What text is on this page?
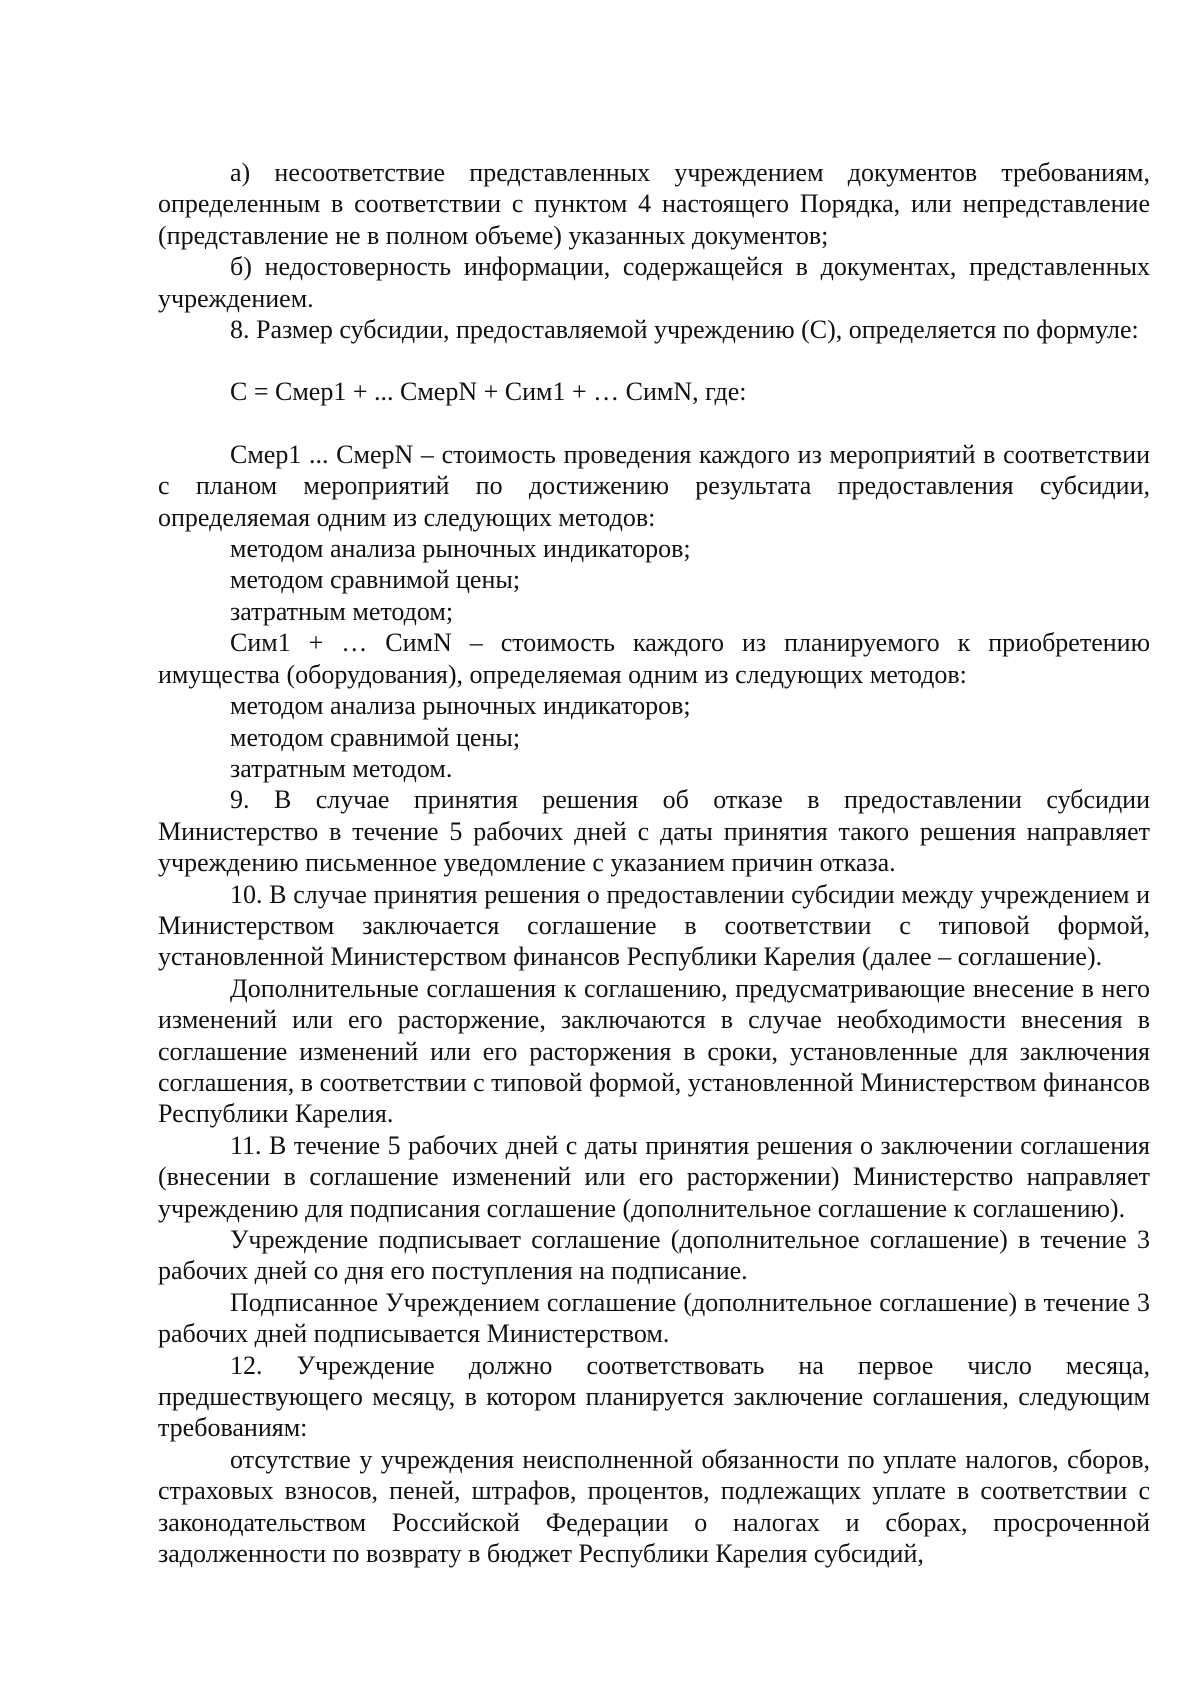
а) несоответствие представленных учреждением документов требованиям, определенным в соответствии с пунктом 4 настоящего Порядка, или непредставление (представление не в полном объеме) указанных документов;

б) недостоверность информации, содержащейся в документах, представленных учреждением.

8. Размер субсидии, предоставляемой учреждению (С), определяется по формуле:

С = Смер1 + ... СмерN + Сим1 + … СимN, где:

Смер1 ... СмерN – стоимость проведения каждого из мероприятий в соответствии с планом мероприятий по достижению результата предоставления субсидии, определяемая одним из следующих методов:

методом анализа рыночных индикаторов;

методом сравнимой цены;

затратным методом;

Сим1 + … СимN – стоимость каждого из планируемого к приобретению имущества (оборудования), определяемая одним из следующих методов:

методом анализа рыночных индикаторов;

методом сравнимой цены;

затратным методом.

9. В случае принятия решения об отказе в предоставлении субсидии Министерство в течение 5 рабочих дней с даты принятия такого решения направляет учреждению письменное уведомление с указанием причин отказа.

10. В случае принятия решения о предоставлении субсидии между учреждением и Министерством заключается соглашение в соответствии с типовой формой, установленной Министерством финансов Республики Карелия (далее – соглашение).

Дополнительные соглашения к соглашению, предусматривающие внесение в него изменений или его расторжение, заключаются в случае необходимости внесения в соглашение изменений или его расторжения в сроки, установленные для заключения соглашения, в соответствии с типовой формой, установленной Министерством финансов Республики Карелия.

11. В течение 5 рабочих дней с даты принятия решения о заключении соглашения (внесении в соглашение изменений или его расторжении) Министерство направляет учреждению для подписания соглашение (дополнительное соглашение к соглашению).

Учреждение подписывает соглашение (дополнительное соглашение) в течение 3 рабочих дней со дня его поступления на подписание.

Подписанное Учреждением соглашение (дополнительное соглашение) в течение 3 рабочих дней подписывается Министерством.

12. Учреждение должно соответствовать на первое число месяца, предшествующего месяцу, в котором планируется заключение соглашения, следующим требованиям:

отсутствие у учреждения неисполненной обязанности по уплате налогов, сборов, страховых взносов, пеней, штрафов, процентов, подлежащих уплате в соответствии с законодательством Российской Федерации о налогах и сборах, просроченной задолженности по возврату в бюджет Республики Карелия субсидий,
